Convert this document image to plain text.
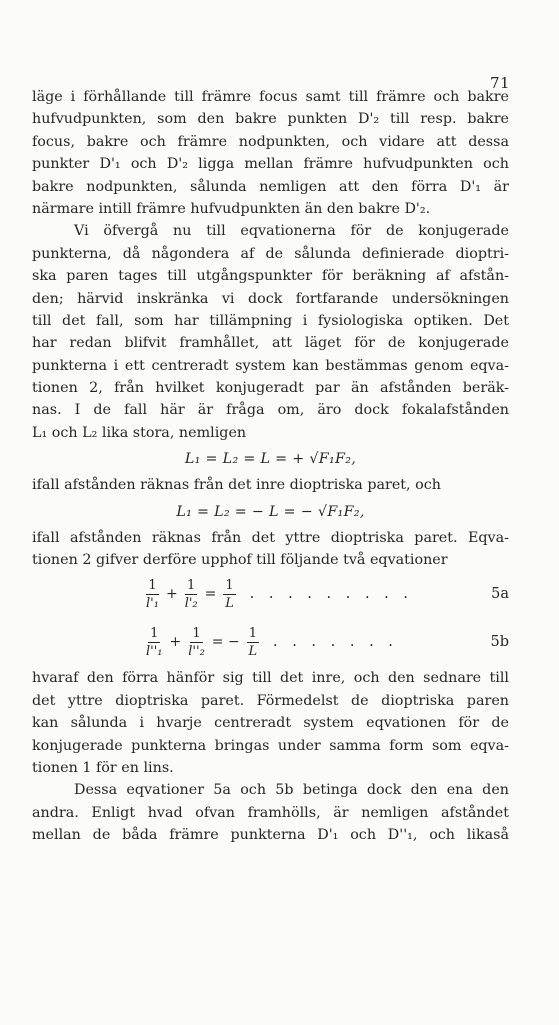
71
läge i förhållande till främre focus samt till främre och bakre
hufvudpunkten, som den bakre punkten D'₂ till resp. bakre
focus, bakre och främre nodpunkten, och vidare att dessa
punkter D'₁ och D'₂ ligga mellan främre hufvudpunkten och
bakre nodpunkten, sålunda nemligen att den förra D'₁ är
närmare intill främre hufvudpunkten än den bakre D'₂.
Vi öfvergå nu till eqvationerna för de konjugerade
punkterna, då någondera af de sålunda definierade dioptri-
ska paren tages till utgångspunkter för beräkning af afstån-
den; härvid inskränka vi dock fortfarande undersökningen
till det fall, som har tillämpning i fysiologiska optiken. Det
har redan blifvit framhållet, att läget för de konjugerade
punkterna i ett centreradt system kan bestämmas genom eqva-
tionen 2, från hvilket konjugeradt par än afstånden beräk-
nas. I de fall här är fråga om, äro dock fokalafstånden
L₁ och L₂ lika stora, nemligen
L₁ = L₂ = L = + √F₁F₂,
ifall afstånden räknas från det inre dioptriska paret, och
L₁ = L₂ = − L = − √F₁F₂,
ifall afstånden räknas från det yttre dioptriska paret. Eqva-
tionen 2 gifver derföre upphof till följande två eqvationer
$\frac{1}{\text{l'₁}} + \frac{1}{\text{l'₂}} = \frac{1}{L}$ . . . . . . . . .	5a
$\frac{1}{\text{l''₁}} + \frac{1}{\text{l''₂}}$ = − $\frac{1}{L}$ . . . . . . .	5b
hvaraf den förra hänför sig till det inre, och den sednare till
det yttre dioptriska paret. Förmedelst de dioptriska paren
kan sålunda i hvarje centreradt system eqvationen för de
konjugerade punkterna bringas under samma form som eqva-
tionen 1 för en lins.
Dessa eqvationer 5a och 5b betinga dock den ena den
andra. Enligt hvad ofvan framhölls, är nemligen afståndet
mellan de båda främre punkterna D'₁ och D''₁, och likaså
